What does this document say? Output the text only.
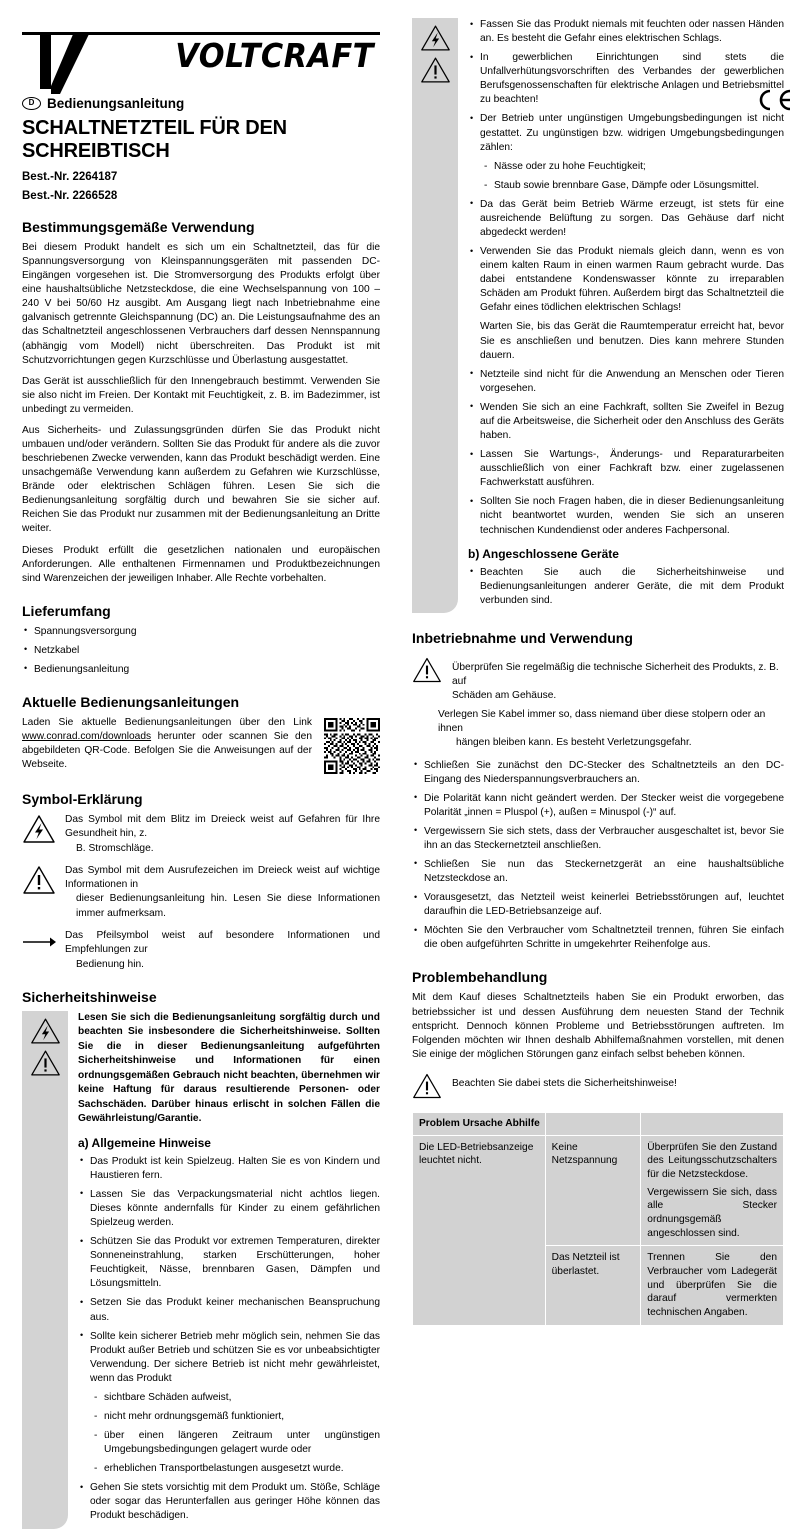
VOLTCRAFT
D Bedienungsanleitung
SCHALTNETZTEIL FÜR DEN SCHREIBTISCH
Best.-Nr. 2264187
Best.-Nr. 2266528
Bestimmungsgemäße Verwendung

Bei diesem Produkt handelt es sich um ein Schaltnetzteil, das für die Spannungsversorgung von Kleinspannungsgeräten mit passenden DC-Eingängen vorgesehen ist. Die Stromversorgung des Produkts erfolgt über eine haushaltsübliche Netzsteckdose, die eine Wechselspannung von 100 – 240 V bei 50/60 Hz ausgibt. Am Ausgang liegt nach Inbetriebnahme eine galvanisch getrennte Gleichspannung (DC) an. Die Leistungsaufnahme des an das Schaltnetzteil angeschlossenen Verbrauchers darf dessen Nennspannung (abhängig vom Modell) nicht überschreiten. Das Produkt ist mit Schutzvorrichtungen gegen Kurzschlüsse und Überlastung ausgestattet.

Das Gerät ist ausschließlich für den Innengebrauch bestimmt. Verwenden Sie sie also nicht im Freien. Der Kontakt mit Feuchtigkeit, z. B. im Badezimmer, ist unbedingt zu vermeiden.

Aus Sicherheits- und Zulassungsgründen dürfen Sie das Produkt nicht umbauen und/oder verändern. Sollten Sie das Produkt für andere als die zuvor beschriebenen Zwecke verwenden, kann das Produkt beschädigt werden. Eine unsachgemäße Verwendung kann außerdem zu Gefahren wie Kurzschlüsse, Brände oder elektrischen Schlägen führen. Lesen Sie sich die Bedienungsanleitung sorgfältig durch und bewahren Sie sie sicher auf. Reichen Sie das Produkt nur zusammen mit der Bedienungsanleitung an Dritte weiter.

Dieses Produkt erfüllt die gesetzlichen nationalen und europäischen Anforderungen. Alle enthaltenen Firmennamen und Produktbezeichnungen sind Warenzeichen der jeweiligen Inhaber. Alle Rechte vorbehalten.

Lieferumfang
• Spannungsversorgung
• Netzkabel
• Bedienungsanleitung
Aktuelle Bedienungsanleitungen

Laden Sie aktuelle Bedienungsanleitungen über den Link www.conrad.com/downloads herunter oder scannen Sie den abgebildeten QR-Code. Befolgen Sie die Anweisungen auf der Webseite.

Symbol-Erklärung
Das Symbol mit dem Blitz im Dreieck weist auf Gefahren für Ihre Gesundheit hin, z.
B. Stromschläge.
Das Symbol mit dem Ausrufezeichen im Dreieck weist auf wichtige Informationen in
dieser Bedienungsanleitung hin. Lesen Sie diese Informationen immer aufmerksam.
Das Pfeilsymbol weist auf besondere Informationen und Empfehlungen zur
Bedienung hin.
Sicherheitshinweise

Lesen Sie sich die Bedienungsanleitung sorgfältig durch und beachten Sie insbesondere die Sicherheitshinweise. Sollten Sie die in dieser Bedienungsanleitung aufgeführten Sicherheitshinweise und Informationen für einen ordnungsgemäßen Gebrauch nicht beachten, übernehmen wir keine Haftung für daraus resultierende Personen- oder Sachschäden. Darüber hinaus erlischt in solchen Fällen die Gewährleistung/Garantie.

a) Allgemeine Hinweise
• Das Produkt ist kein Spielzeug. Halten Sie es von Kindern und Haustieren fern.
• Lassen Sie das Verpackungsmaterial nicht achtlos liegen. Dieses könnte andernfalls für Kinder zu einem gefährlichen Spielzeug werden.
• Schützen Sie das Produkt vor extremen Temperaturen, direkter Sonneneinstrahlung, starken Erschütterungen, hoher Feuchtigkeit, Nässe, brennbaren Gasen, Dämpfen und Lösungsmitteln.
• Setzen Sie das Produkt keiner mechanischen Beanspruchung aus.
• Sollte kein sicherer Betrieb mehr möglich sein, nehmen Sie das Produkt außer Betrieb und schützen Sie es vor unbeabsichtigter Verwendung. Der sichere Betrieb ist nicht mehr gewährleistet, wenn das Produkt
- sichtbare Schäden aufweist,
- nicht mehr ordnungsgemäß funktioniert,
- über einen längeren Zeitraum unter ungünstigen Umgebungsbedingungen gelagert wurde oder
- erheblichen Transportbelastungen ausgesetzt wurde.
• Gehen Sie stets vorsichtig mit dem Produkt um. Stöße, Schläge oder sogar das Herunterfallen aus geringer Höhe können das Produkt beschädigen.
• Fassen Sie das Produkt niemals mit feuchten oder nassen Händen an. Es besteht die Gefahr eines elektrischen Schlags.
• In gewerblichen Einrichtungen sind stets die Unfallverhütungsvorschriften des Verbandes der gewerblichen Berufsgenossenschaften für elektrische Anlagen und Betriebsmittel zu beachten!
• Der Betrieb unter ungünstigen Umgebungsbedingungen ist nicht gestattet. Zu ungünstigen bzw. widrigen Umgebungsbedingungen zählen:
- Nässe oder zu hohe Feuchtigkeit;
- Staub sowie brennbare Gase, Dämpfe oder Lösungsmittel.
• Da das Gerät beim Betrieb Wärme erzeugt, ist stets für eine ausreichende Belüftung zu sorgen. Das Gehäuse darf nicht abgedeckt werden!
• Verwenden Sie das Produkt niemals gleich dann, wenn es von einem kalten Raum in einen warmen Raum gebracht wurde. Das dabei entstandene Kondenswasser könnte zu irreparablen Schäden am Produkt führen. Außerdem birgt das Schaltnetzteil die Gefahr eines tödlichen elektrischen Schlags!
Warten Sie, bis das Gerät die Raumtemperatur erreicht hat, bevor Sie es anschließen und benutzen. Dies kann mehrere Stunden dauern.
• Netzteile sind nicht für die Anwendung an Menschen oder Tieren vorgesehen.
• Wenden Sie sich an eine Fachkraft, sollten Sie Zweifel in Bezug auf die Arbeitsweise, die Sicherheit oder den Anschluss des Geräts haben.
• Lassen Sie Wartungs-, Änderungs- und Reparaturarbeiten ausschließlich von einer Fachkraft bzw. einer zugelassenen Fachwerkstatt ausführen.
• Sollten Sie noch Fragen haben, die in dieser Bedienungsanleitung nicht beantwortet wurden, wenden Sie sich an unseren technischen Kundendienst oder anderes Fachpersonal.
b) Angeschlossene Geräte
• Beachten Sie auch die Sicherheitshinweise und Bedienungsanleitungen anderer Geräte, die mit dem Produkt verbunden sind.
Inbetriebnahme und Verwendung
Überprüfen Sie regelmäßig die technische Sicherheit des Produkts, z. B. auf
Schäden am Gehäuse.
Verlegen Sie Kabel immer so, dass niemand über diese stolpern oder an ihnen
hängen bleiben kann. Es besteht Verletzungsgefahr.
• Schließen Sie zunächst den DC-Stecker des Schaltnetzteils an den DC-Eingang des Niederspannungsverbrauchers an.
• Die Polarität kann nicht geändert werden. Der Stecker weist die vorgegebene Polarität „innen = Pluspol (+), außen = Minuspol (-)“ auf.
• Vergewissern Sie sich stets, dass der Verbraucher ausgeschaltet ist, bevor Sie ihn an das Steckernetzteil anschließen.
• Schließen Sie nun das Steckernetzgerät an eine haushaltsübliche Netzsteckdose an.
• Vorausgesetzt, das Netzteil weist keinerlei Betriebsstörungen auf, leuchtet daraufhin die LED-Betriebsanzeige auf.
• Möchten Sie den Verbraucher vom Schaltnetzteil trennen, führen Sie einfach die oben aufgeführten Schritte in umgekehrter Reihenfolge aus.
Problembehandlung

Mit dem Kauf dieses Schaltnetzteils haben Sie ein Produkt erworben, das betriebssicher ist und dessen Ausführung dem neuesten Stand der Technik entspricht. Dennoch können Probleme und Betriebsstörungen auftreten. Im Folgenden möchten wir Ihnen deshalb Abhilfemaßnahmen vorstellen, mit denen Sie einige der möglichen Störungen ganz einfach selbst beheben können.

Beachten Sie dabei stets die Sicherheitshinweise!
Problem Ursache Abhilfe		
Die LED-Betriebsanzeige leuchtet nicht.	Keine Netzspannung	Überprüfen Sie den Zustand des Leitungsschutzschalters für die Netzsteckdose.
Vergewissern Sie sich, dass alle Stecker ordnungsgemäß angeschlossen sind.

	Das Netzteil ist überlastet.	Trennen Sie den Verbraucher vom Ladegerät und überprüfen Sie die darauf vermerkten technischen Angaben.
